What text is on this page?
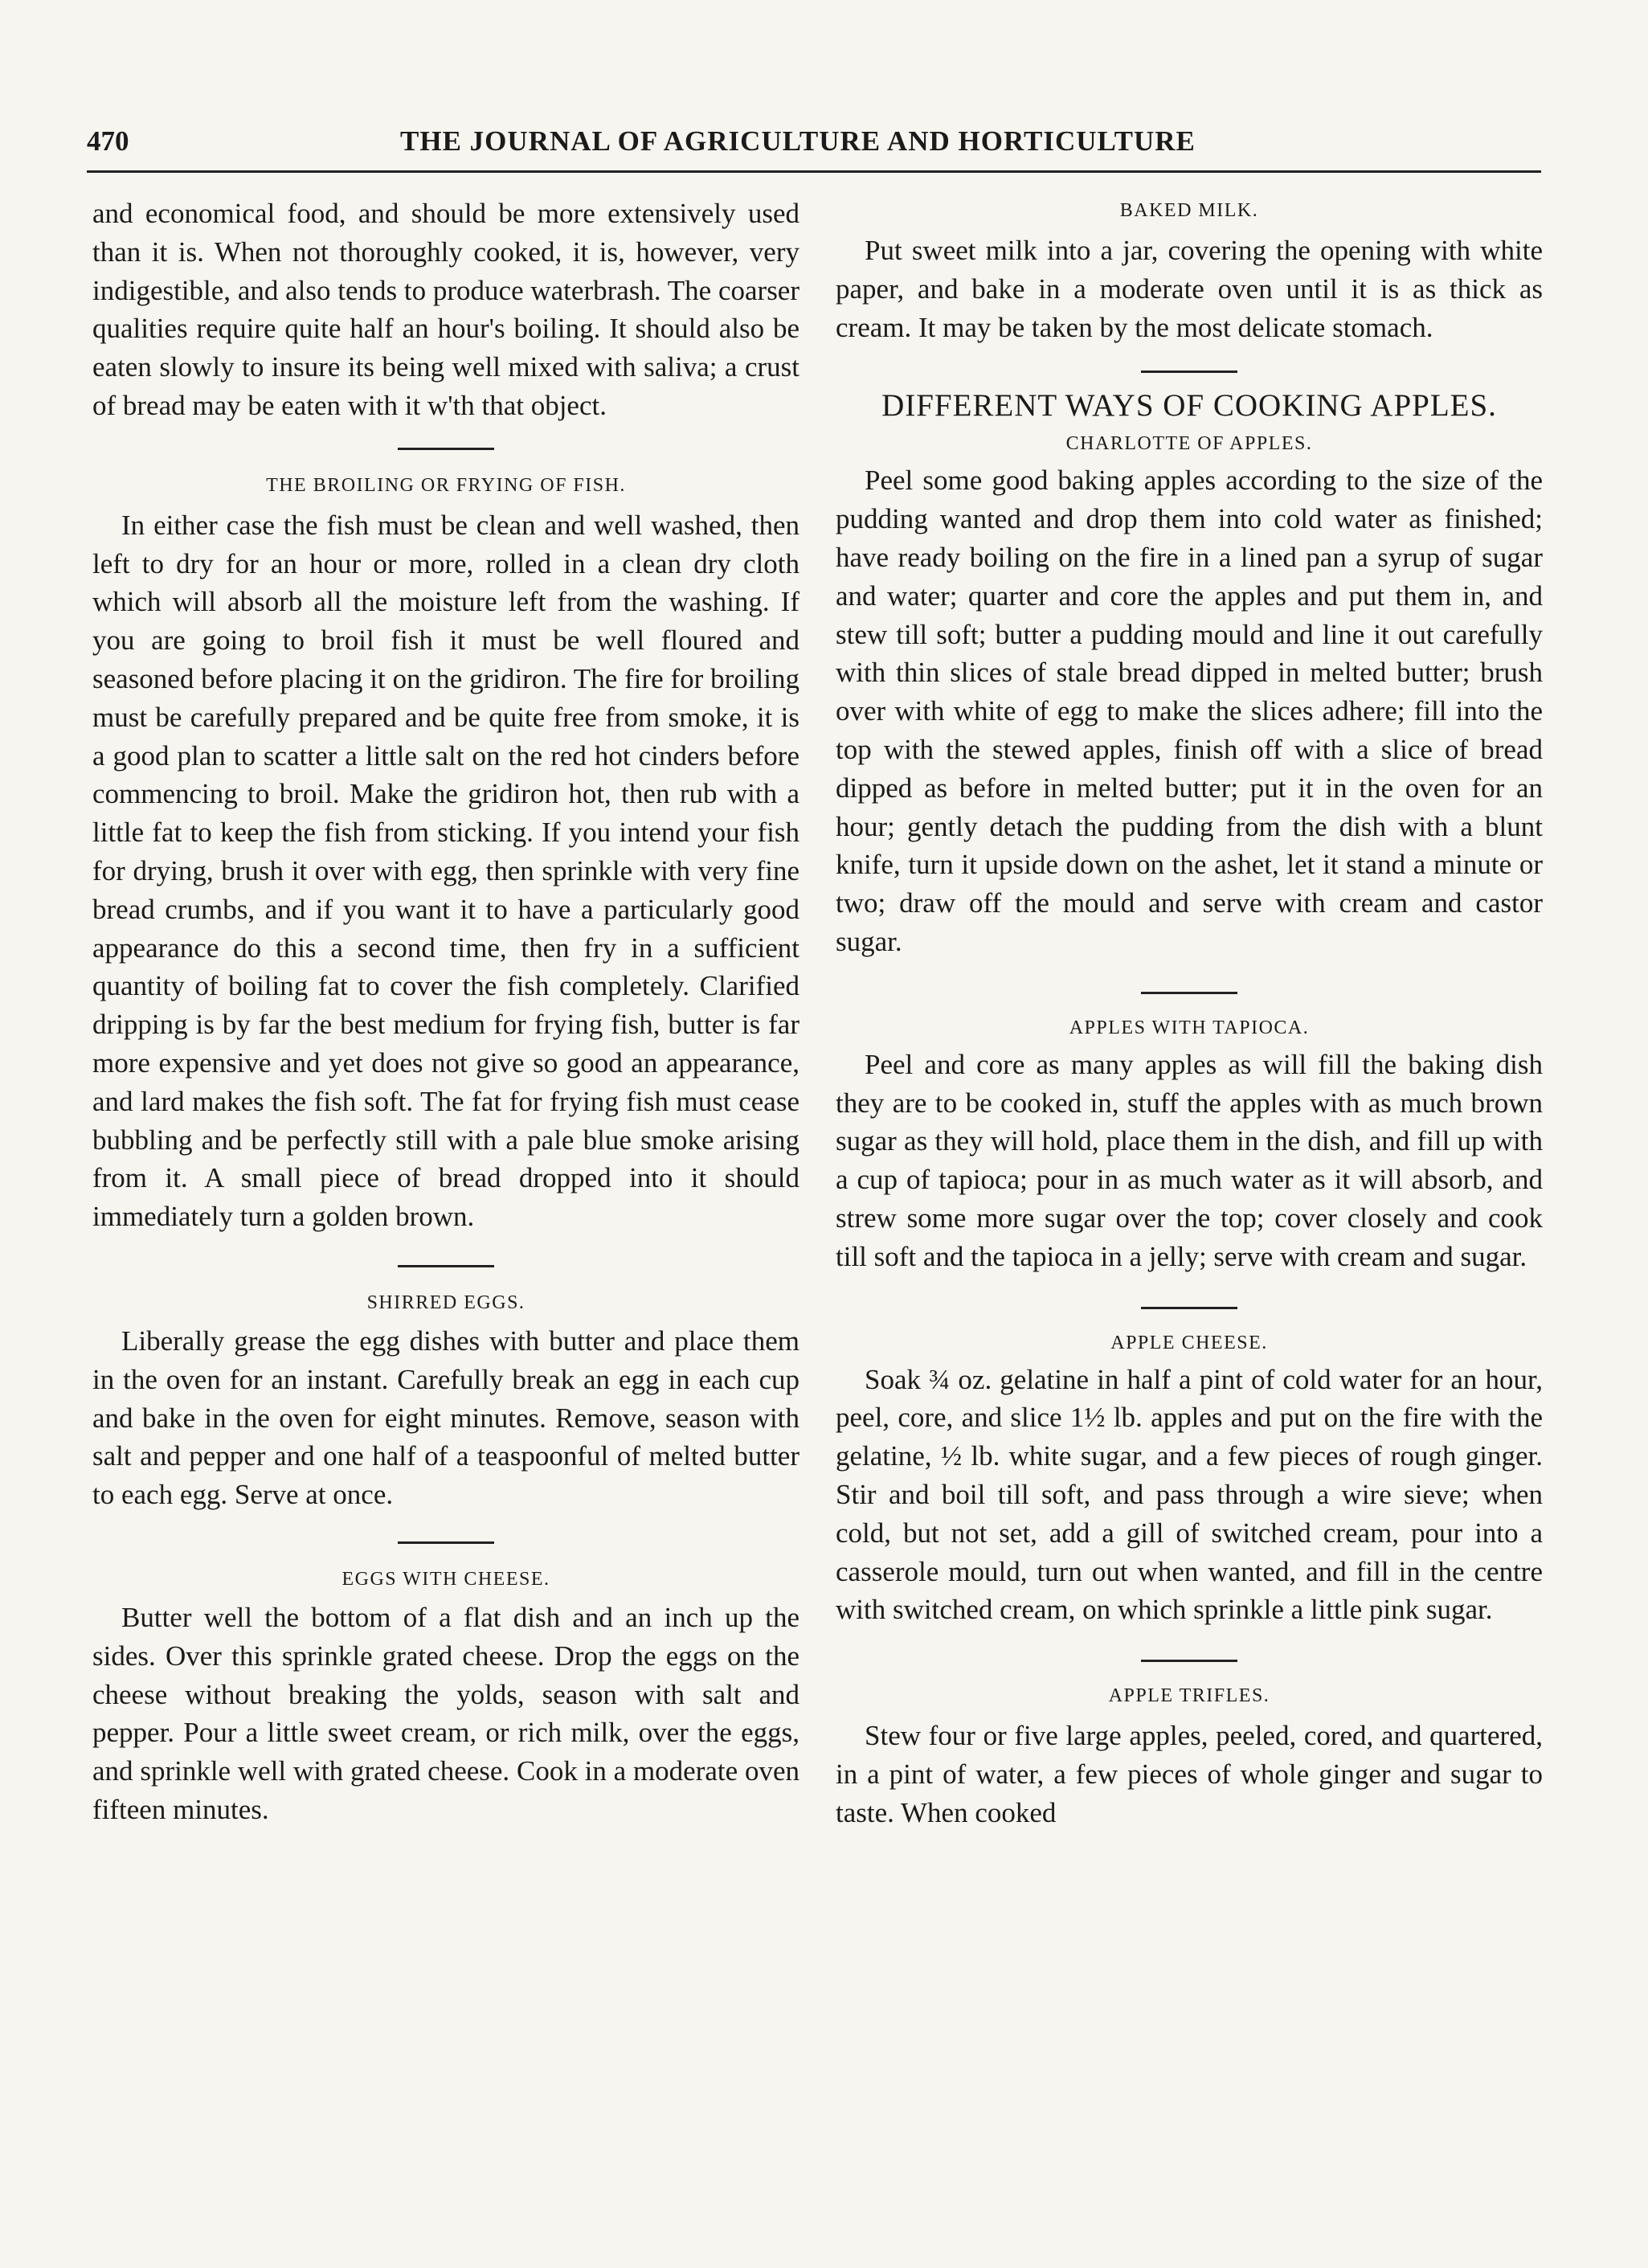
470	THE JOURNAL OF AGRICULTURE AND HORTICULTURE

and economical food, and should be more extensively used than it is. When not thoroughly cooked, it is, however, very indigestible, and also tends to produce waterbrash. The coarser qualities require quite half an hour's boiling. It should also be eaten slowly to insure its being well mixed with saliva; a crust of bread may be eaten with it w'th that object.

THE BROILING OR FRYING OF FISH.

In either case the fish must be clean and well washed, then left to dry for an hour or more, rolled in a clean dry cloth which will absorb all the moisture left from the washing. If you are going to broil fish it must be well floured and seasoned before placing it on the gridiron. The fire for broiling must be carefully prepared and be quite free from smoke, it is a good plan to scatter a little salt on the red hot cinders before commencing to broil. Make the gridiron hot, then rub with a little fat to keep the fish from sticking. If you intend your fish for drying, brush it over with egg, then sprinkle with very fine bread crumbs, and if you want it to have a particularly good appearance do this a second time, then fry in a sufficient quantity of boiling fat to cover the fish completely. Clarified dripping is by far the best medium for frying fish, butter is far more expensive and yet does not give so good an appearance, and lard makes the fish soft. The fat for frying fish must cease bubbling and be perfectly still with a pale blue smoke arising from it. A small piece of bread dropped into it should immediately turn a golden brown.

SHIRRED EGGS.

Liberally grease the egg dishes with butter and place them in the oven for an instant. Carefully break an egg in each cup and bake in the oven for eight minutes. Remove, season with salt and pepper and one half of a teaspoonful of melted butter to each egg. Serve at once.

EGGS WITH CHEESE.

Butter well the bottom of a flat dish and an inch up the sides. Over this sprinkle grated cheese. Drop the eggs on the cheese without breaking the yolds, season with salt and pepper. Pour a little sweet cream, or rich milk, over the eggs, and sprinkle well with grated cheese. Cook in a moderate oven fifteen minutes.

BAKED MILK.

Put sweet milk into a jar, covering the opening with white paper, and bake in a moderate oven until it is as thick as cream. It may be taken by the most delicate stomach.

DIFFERENT WAYS OF COOKING APPLES.

CHARLOTTE OF APPLES.

Peel some good baking apples according to the size of the pudding wanted and drop them into cold water as finished; have ready boiling on the fire in a lined pan a syrup of sugar and water; quarter and core the apples and put them in, and stew till soft; butter a pudding mould and line it out carefully with thin slices of stale bread dipped in melted butter; brush over with white of egg to make the slices adhere; fill into the top with the stewed apples, finish off with a slice of bread dipped as before in melted butter; put it in the oven for an hour; gently detach the pudding from the dish with a blunt knife, turn it upside down on the ashet, let it stand a minute or two; draw off the mould and serve with cream and castor sugar.

APPLES WITH TAPIOCA.

Peel and core as many apples as will fill the baking dish they are to be cooked in, stuff the apples with as much brown sugar as they will hold, place them in the dish, and fill up with a cup of tapioca; pour in as much water as it will absorb, and strew some more sugar over the top; cover closely and cook till soft and the tapioca in a jelly; serve with cream and sugar.

APPLE CHEESE.

Soak ¾ oz. gelatine in half a pint of cold water for an hour, peel, core, and slice 1½ lb. apples and put on the fire with the gelatine, ½ lb. white sugar, and a few pieces of rough ginger. Stir and boil till soft, and pass through a wire sieve; when cold, but not set, add a gill of switched cream, pour into a casserole mould, turn out when wanted, and fill in the centre with switched cream, on which sprinkle a little pink sugar.

APPLE TRIFLES.

Stew four or five large apples, peeled, cored, and quartered, in a pint of water, a few pieces of whole ginger and sugar to taste. When cooked
